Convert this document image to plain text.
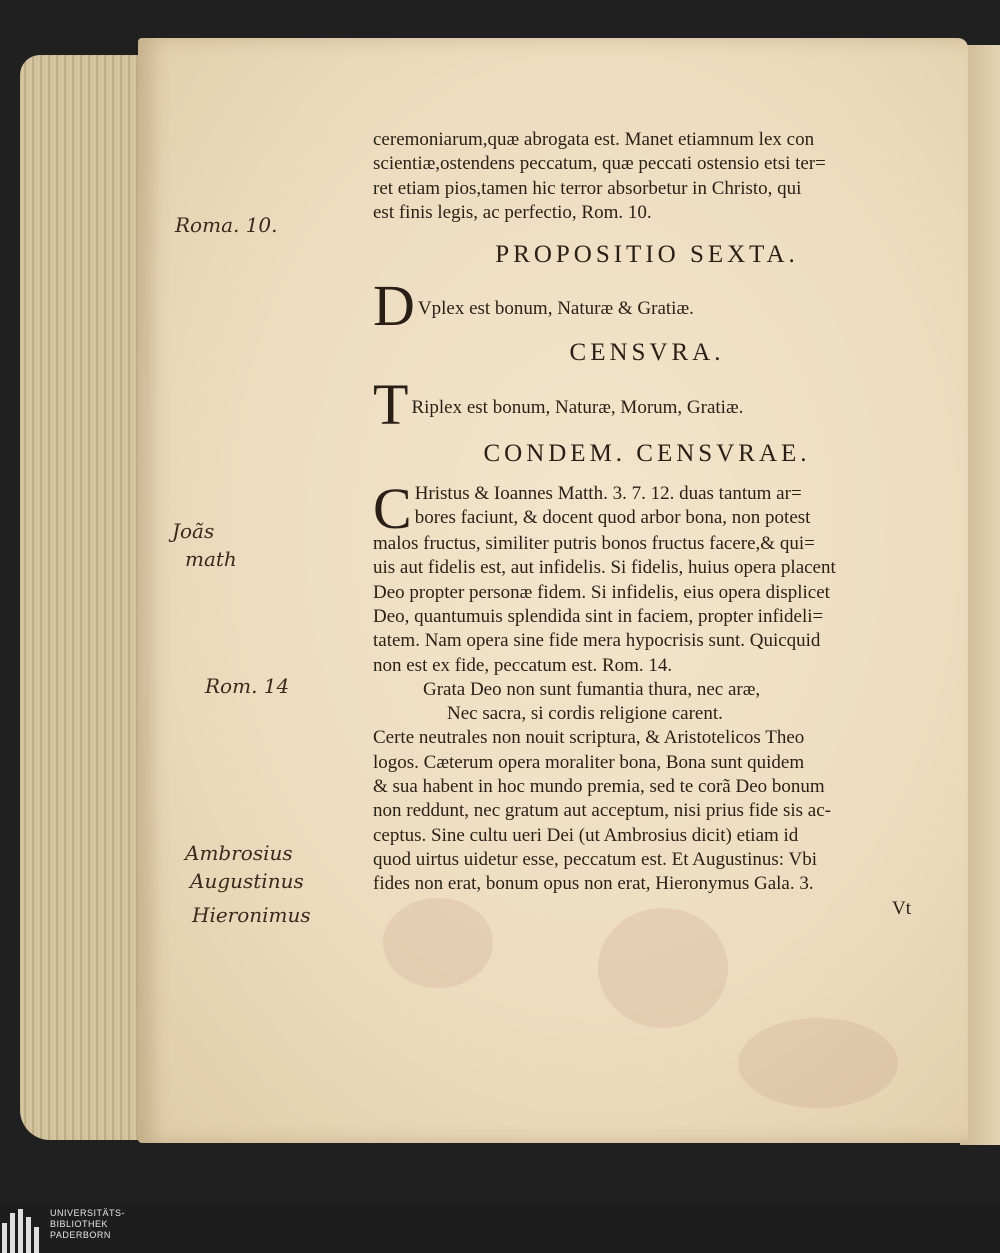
Roma. 10.
Joãs
math
Rom. 14
Ambrosius
Augustinus
Hieronimus

ceremoniarum,quæ abrogata est. Manet etiamnum lex con
scientiæ,ostendens peccatum, quæ peccati ostensio etsi ter=
ret etiam pios,tamen hic terror absorbetur in Christo, qui
est finis legis, ac perfectio, Rom. 10.

PROPOSITIO SEXTA.
D Vplex est bonum, Naturæ & Gratiæ.
CENSVRA.
T Riplex est bonum, Naturæ, Morum, Gratiæ.
CONDEM. CENSVRAE.

C Hristus & Ioannes Matth. 3. 7. 12. duas tantum ar=
bores faciunt, & docent quod arbor bona, non potest
malos fructus, similiter putris bonos fructus facere,& qui=
uis aut fidelis est, aut infidelis. Si fidelis, huius opera placent
Deo propter personæ fidem. Si infidelis, eius opera displicet
Deo, quantumuis splendida sint in faciem, propter infideli=
tatem. Nam opera sine fide mera hypocrisis sunt. Quicquid
non est ex fide, peccatum est. Rom. 14.
Grata Deo non sunt fumantia thura, nec aræ,
Nec sacra, si cordis religione carent.
Certe neutrales non nouit scriptura, & Aristotelicos Theo
logos. Cæterum opera moraliter bona, Bona sunt quidem
& sua habent in hoc mundo premia, sed te corã Deo bonum
non reddunt, nec gratum aut acceptum, nisi prius fide sis ac-
ceptus. Sine cultu ueri Dei (ut Ambrosius dicit) etiam id
quod uirtus uidetur esse, peccatum est. Et Augustinus: Vbi
fides non erat, bonum opus non erat, Hieronymus Gala. 3.
Vt

UNIVERSITÄTS-
BIBLIOTHEK
PADERBORN
